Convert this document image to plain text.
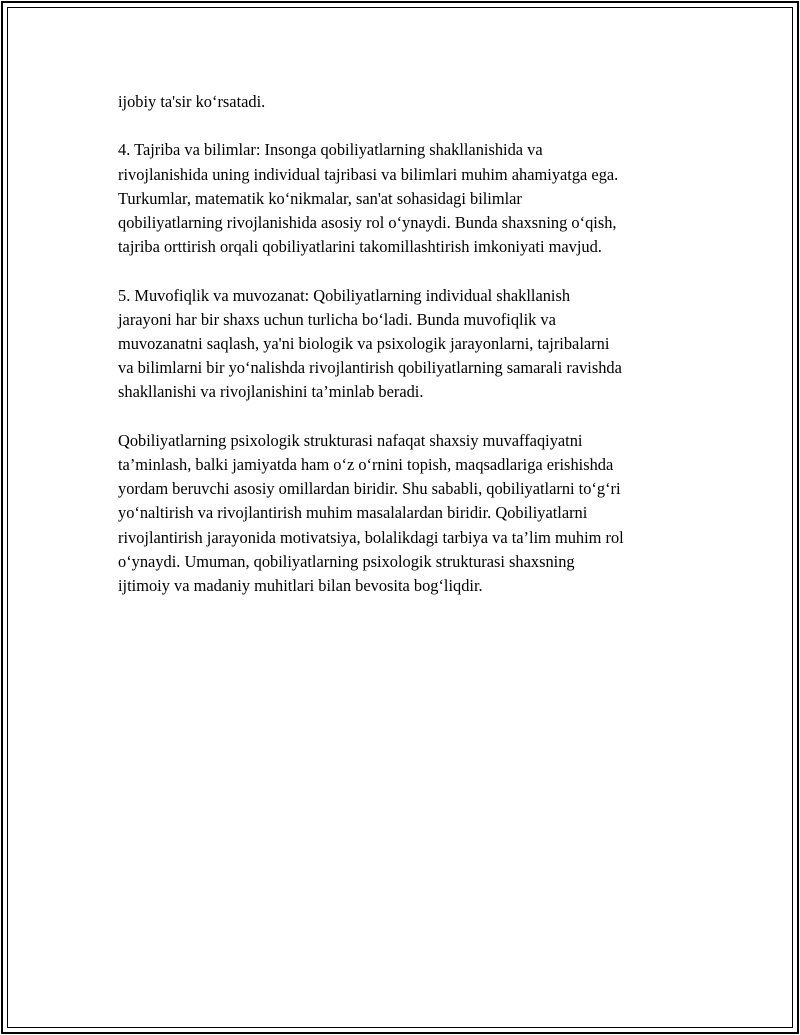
ijobiy ta'sir ko‘rsatadi.

4. Tajriba va bilimlar: Insonga qobiliyatlarning shakllanishida va
rivojlanishida uning individual tajribasi va bilimlari muhim ahamiyatga ega.
Turkumlar, matematik ko‘nikmalar, san'at sohasidagi bilimlar
qobiliyatlarning rivojlanishida asosiy rol o‘ynaydi. Bunda shaxsning o‘qish,
tajriba orttirish orqali qobiliyatlarini takomillashtirish imkoniyati mavjud.

5. Muvofiqlik va muvozanat: Qobiliyatlarning individual shakllanish
jarayoni har bir shaxs uchun turlicha bo‘ladi. Bunda muvofiqlik va
muvozanatni saqlash, ya'ni biologik va psixologik jarayonlarni, tajribalarni
va bilimlarni bir yo‘nalishda rivojlantirish qobiliyatlarning samarali ravishda
shakllanishi va rivojlanishini ta’minlab beradi.

Qobiliyatlarning psixologik strukturasi nafaqat shaxsiy muvaffaqiyatni
ta’minlash, balki jamiyatda ham o‘z o‘rnini topish, maqsadlariga erishishda
yordam beruvchi asosiy omillardan biridir. Shu sababli, qobiliyatlarni to‘g‘ri
yo‘naltirish va rivojlantirish muhim masalalardan biridir. Qobiliyatlarni
rivojlantirish jarayonida motivatsiya, bolalikdagi tarbiya va ta’lim muhim rol
o‘ynaydi. Umuman, qobiliyatlarning psixologik strukturasi shaxsning
ijtimoiy va madaniy muhitlari bilan bevosita bog‘liqdir.
